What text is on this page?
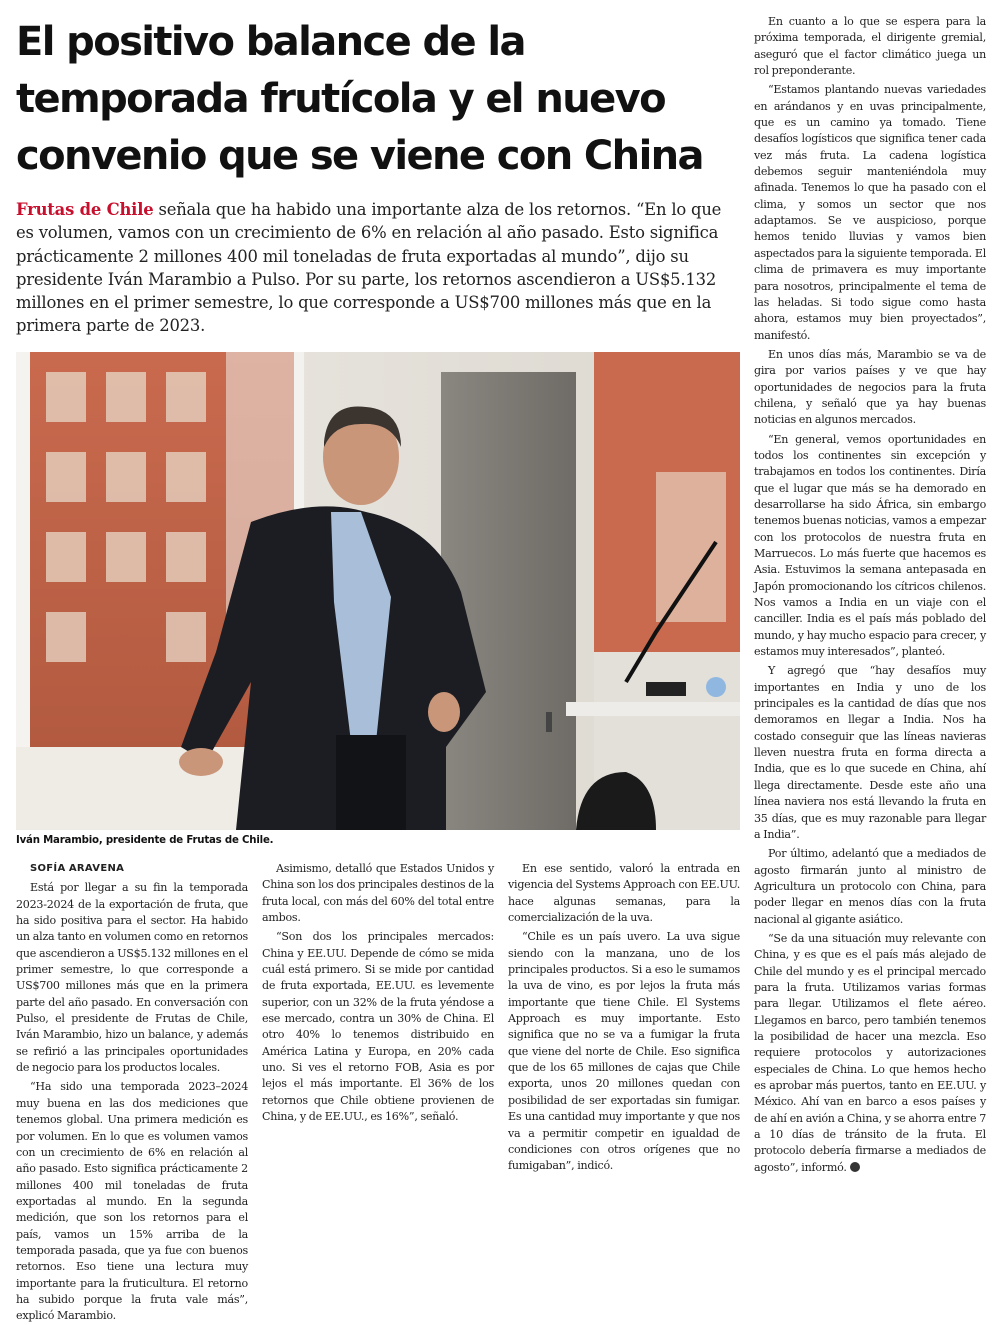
El positivo balance de la temporada frutícola y el nuevo convenio que se viene con China

Frutas de Chile señala que ha habido una importante alza de los retornos. “En lo que es volumen, vamos con un crecimiento de 6% en relación al año pasado. Esto significa prácticamente 2 millones 400 mil toneladas de fruta exportadas al mundo”, dijo su presidente Iván Marambio a Pulso. Por su parte, los retornos ascendieron a US$5.132 millones en el primer semestre, lo que corresponde a US$700 millones más que en la primera parte de 2023.

Iván Marambio, presidente de Frutas de Chile.

SOFÍA ARAVENA

Está por llegar a su fin la temporada 2023-2024 de la exportación de fruta, que ha sido positiva para el sector. Ha habido un alza tanto en volumen como en retornos que ascendieron a US$5.132 millones en el primer semestre, lo que corresponde a US$700 millones más que en la primera parte del año pasado. En conversación con Pulso, el presidente de Frutas de Chile, Iván Marambio, hizo un balance, y además se refirió a las principales oportunidades de negocio para los productos locales.

“Ha sido una temporada 2023–2024 muy buena en las dos mediciones que tenemos global. Una primera medición es por volumen. En lo que es volumen vamos con un crecimiento de 6% en relación al año pasado. Esto significa prácticamente 2 millones 400 mil toneladas de fruta exportadas al mundo. En la segunda medición, que son los retornos para el país, vamos un 15% arriba de la temporada pasada, que ya fue con buenos retornos. Eso tiene una lectura muy importante para la fruticultura. El retorno ha subido porque la fruta vale más”, explicó Marambio.

Asimismo, detalló que Estados Unidos y China son los dos principales destinos de la fruta local, con más del 60% del total entre ambos.

“Son dos los principales mercados: China y EE.UU. Depende de cómo se mida cuál está primero. Si se mide por cantidad de fruta exportada, EE.UU. es levemente superior, con un 32% de la fruta yéndose a ese mercado, contra un 30% de China. El otro 40% lo tenemos distribuido en América Latina y Europa, en 20% cada uno. Si ves el retorno FOB, Asia es por lejos el más importante. El 36% de los retornos que Chile obtiene provienen de China, y de EE.UU., es 16%”, señaló.

En ese sentido, valoró la entrada en vigencia del Systems Approach con EE.UU. hace algunas semanas, para la comercialización de la uva.

“Chile es un país uvero. La uva sigue siendo con la manzana, uno de los principales productos. Si a eso le sumamos la uva de vino, es por lejos la fruta más importante que tiene Chile. El Systems Approach es muy importante. Esto significa que no se va a fumigar la fruta que viene del norte de Chile. Eso significa que de los 65 millones de cajas que Chile exporta, unos 20 millones quedan con posibilidad de ser exportadas sin fumigar. Es una cantidad muy importante y que nos va a permitir competir en igualdad de condiciones con otros orígenes que no fumigaban”, indicó.

En cuanto a lo que se espera para la próxima temporada, el dirigente gremial, aseguró que el factor climático juega un rol preponderante.

“Estamos plantando nuevas variedades en arándanos y en uvas principalmente, que es un camino ya tomado. Tiene desafíos logísticos que significa tener cada vez más fruta. La cadena logística debemos seguir manteniéndola muy afinada. Tenemos lo que ha pasado con el clima, y somos un sector que nos adaptamos. Se ve auspicioso, porque hemos tenido lluvias y vamos bien aspectados para la siguiente temporada. El clima de primavera es muy importante para nosotros, principalmente el tema de las heladas. Si todo sigue como hasta ahora, estamos muy bien proyectados”, manifestó.

En unos días más, Marambio se va de gira por varios países y ve que hay oportunidades de negocios para la fruta chilena, y señaló que ya hay buenas noticias en algunos mercados.

“En general, vemos oportunidades en todos los continentes sin excepción y trabajamos en todos los continentes. Diría que el lugar que más se ha demorado en desarrollarse ha sido África, sin embargo tenemos buenas noticias, vamos a empezar con los protocolos de nuestra fruta en Marruecos. Lo más fuerte que hacemos es Asia. Estuvimos la semana antepasada en Japón promocionando los cítricos chilenos. Nos vamos a India en un viaje con el canciller. India es el país más poblado del mundo, y hay mucho espacio para crecer, y estamos muy interesados”, planteó.

Y agregó que “hay desafíos muy importantes en India y uno de los principales es la cantidad de días que nos demoramos en llegar a India. Nos ha costado conseguir que las líneas navieras lleven nuestra fruta en forma directa a India, que es lo que sucede en China, ahí llega directamente. Desde este año una línea naviera nos está llevando la fruta en 35 días, que es muy razonable para llegar a India”.

Por último, adelantó que a mediados de agosto firmarán junto al ministro de Agricultura un protocolo con China, para poder llegar en menos días con la fruta nacional al gigante asiático.

“Se da una situación muy relevante con China, y es que es el país más alejado de Chile del mundo y es el principal mercado para la fruta. Utilizamos varias formas para llegar. Utilizamos el flete aéreo. Llegamos en barco, pero también tenemos la posibilidad de hacer una mezcla. Eso requiere protocolos y autorizaciones especiales de China. Lo que hemos hecho es aprobar más puertos, tanto en EE.UU. y México. Ahí van en barco a esos países y de ahí en avión a China, y se ahorra entre 7 a 10 días de tránsito de la fruta. El protocolo debería firmarse a mediados de agosto”, informó.
